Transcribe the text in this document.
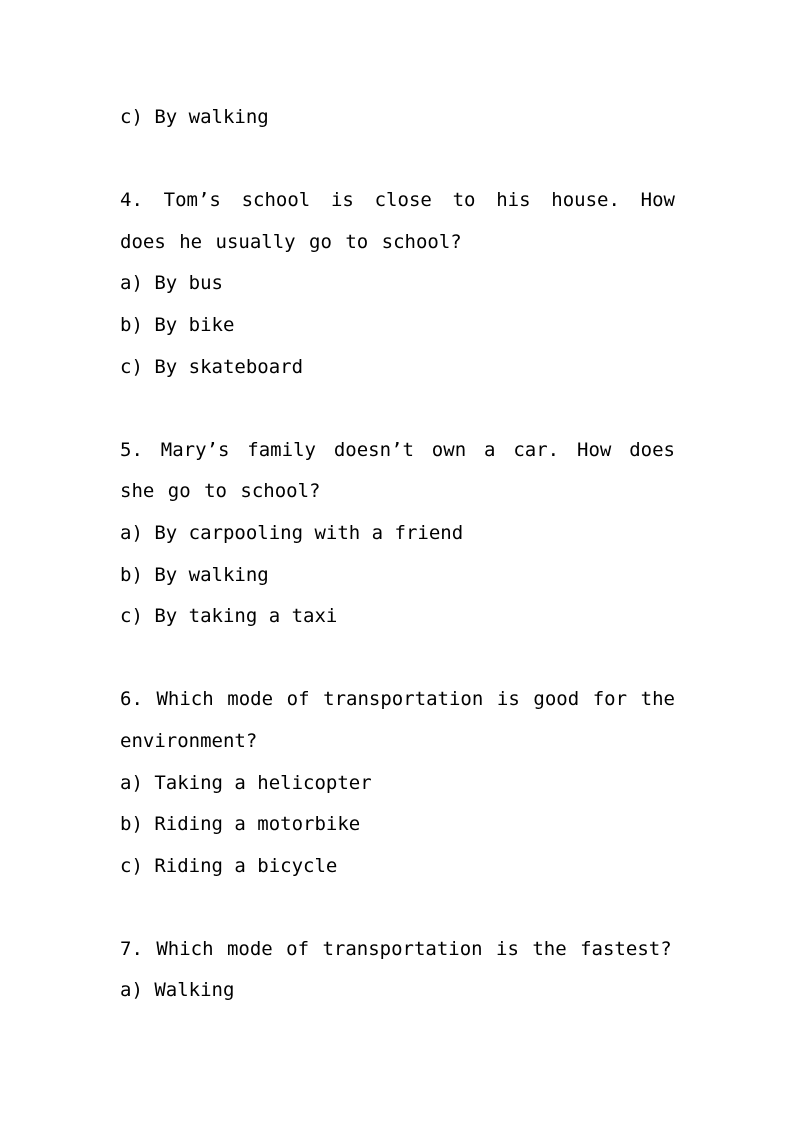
c) By walking
4. Tom’s school is close to his house. How does he usually go to school?
a) By bus
b) By bike
c) By skateboard
5. Mary’s family doesn’t own a car. How does she go to school?
a) By carpooling with a friend
b) By walking
c) By taking a taxi
6. Which mode of transportation is good for the environment?
a) Taking a helicopter
b) Riding a motorbike
c) Riding a bicycle
7. Which mode of transportation is the fastest?
a) Walking
